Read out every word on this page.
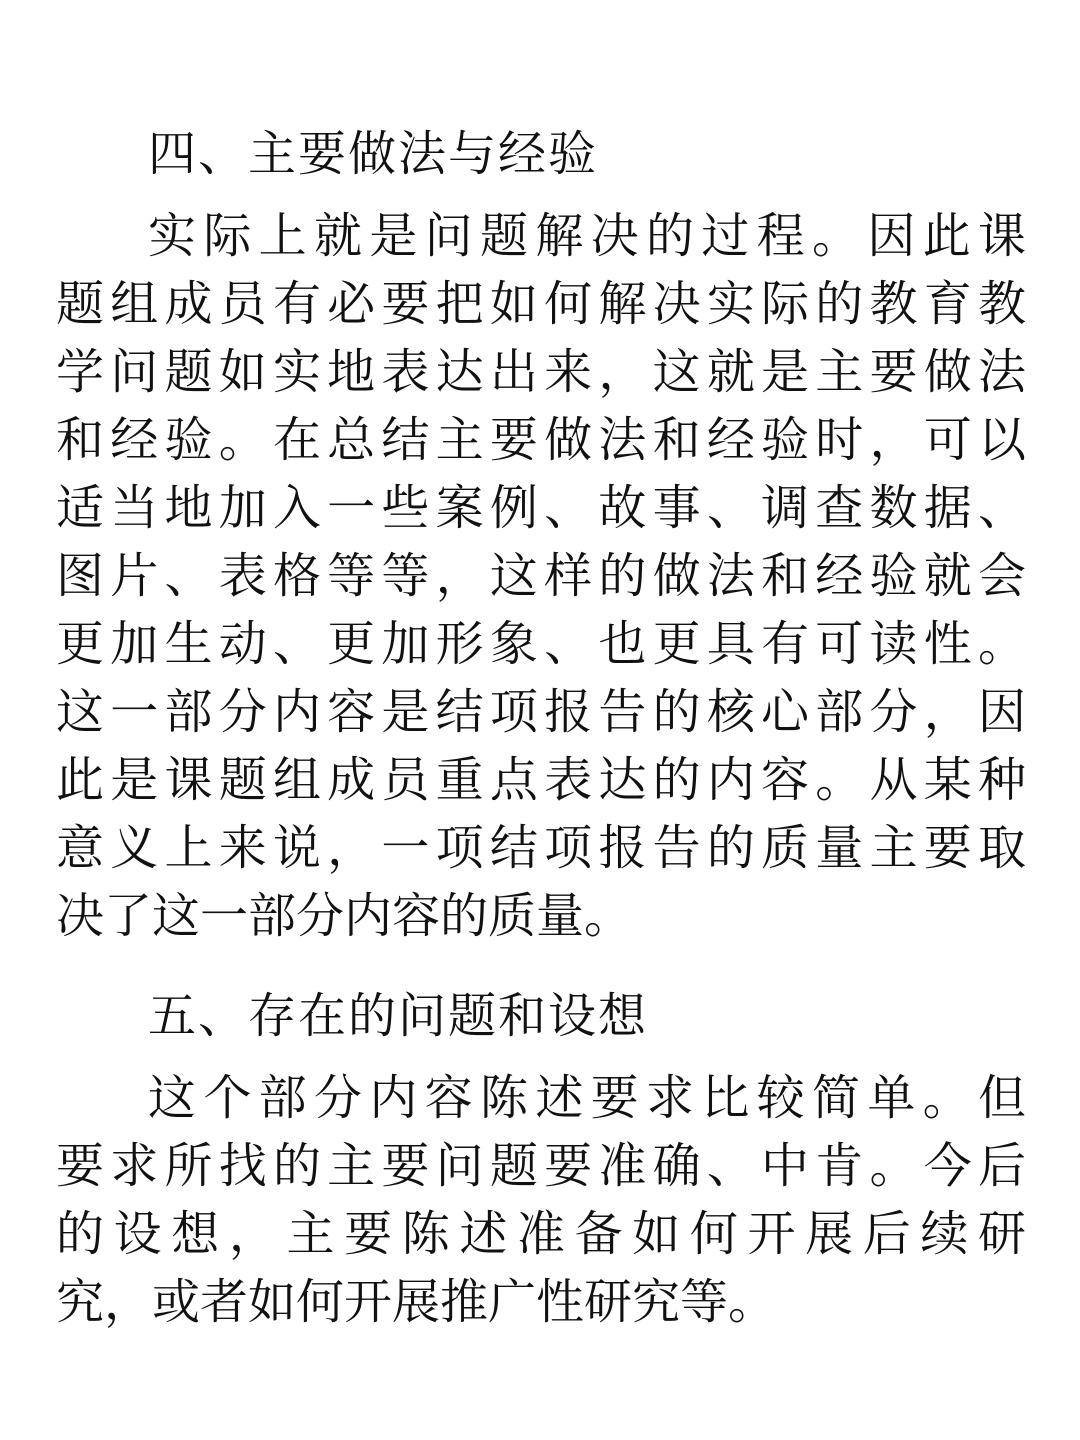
四、主要做法与经验

实际上就是问题解决的过程。因此课
题组成员有必要把如何解决实际的教育教
学问题如实地表达出来，这就是主要做法
和经验。在总结主要做法和经验时，可以
适当地加入一些案例、故事、调查数据、
图片、表格等等，这样的做法和经验就会
更加生动、更加形象、也更具有可读性。
这一部分内容是结项报告的核心部分，因
此是课题组成员重点表达的内容。从某种
意义上来说，一项结项报告的质量主要取
决了这一部分内容的质量。

五、存在的问题和设想

这个部分内容陈述要求比较简单。但
要求所找的主要问题要准确、中肯。今后
的设想，主要陈述准备如何开展后续研
究，或者如何开展推广性研究等。
